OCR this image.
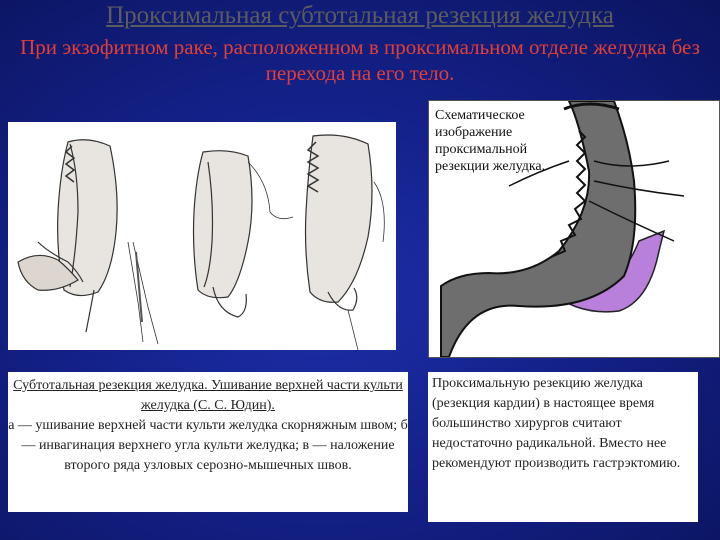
Проксимальная субтотальная резекция желудка
При экзофитном раке, расположенном в проксимальном отделе желудка без перехода на его тело.
Схематическое изображение проксимальной резекции желудка.
Субтотальная резекция желудка. Ушивание верхней части культи желудка (С. С. Юдин).
а — ушивание верхней части культи желудка скорняжным швом; б — инвагинация верхнего угла культи желудка; в — наложение второго ряда узловых серозно-мышечных швов.
Проксимальную резекцию желудка (резекция кардии) в настоящее время большинство хирургов считают недостаточно радикальной. Вместо нее рекомендуют производить гастрэктомию.
